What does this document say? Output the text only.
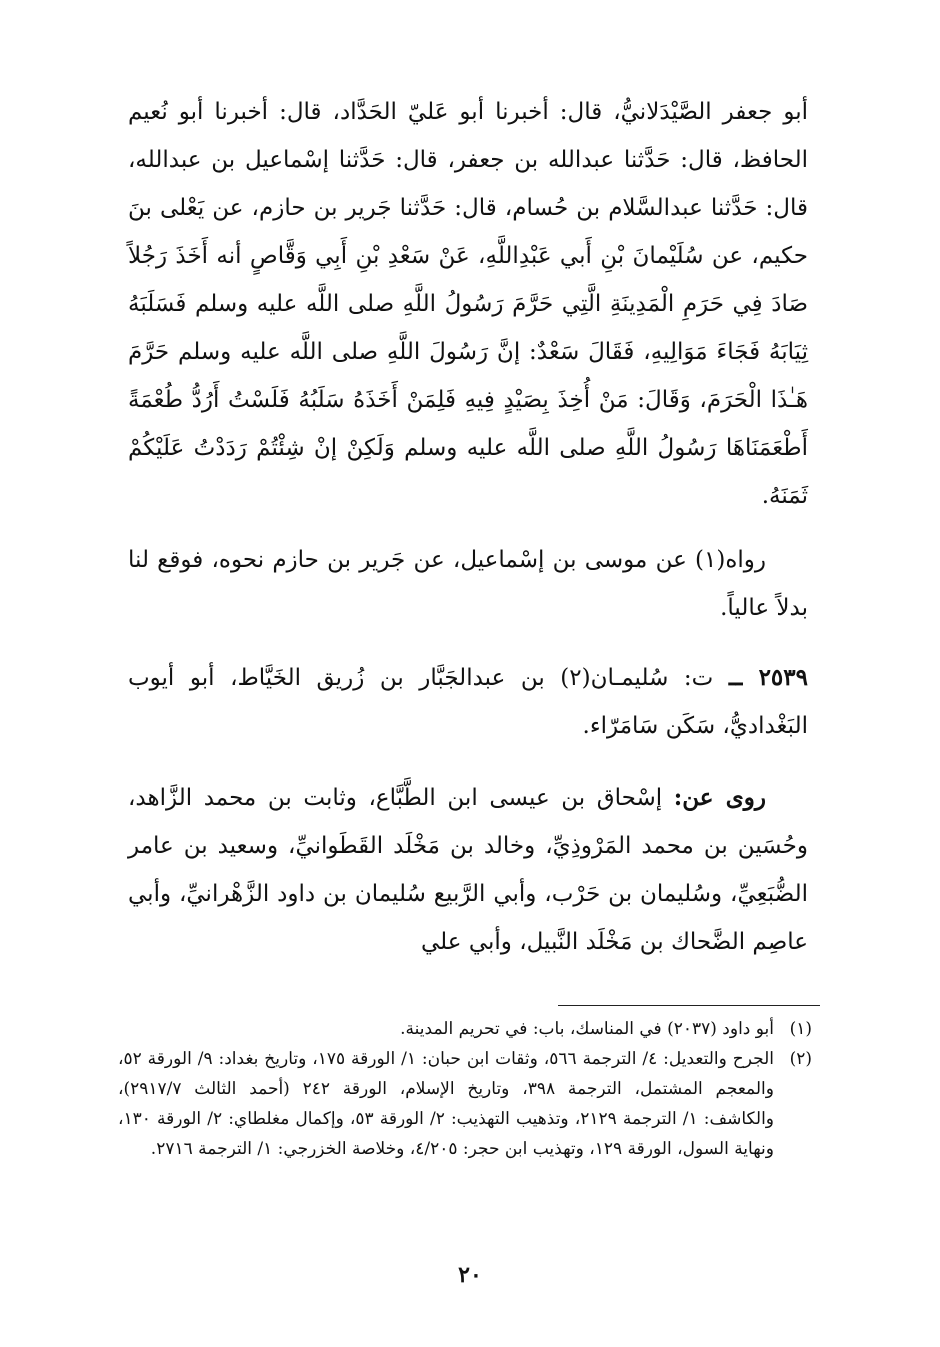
أبو جعفر الصَّيْدَلانيُّ، قال: أخبرنا أبو عَليّ الحَدَّاد، قال: أخبرنا أبو نُعيم الحافظ، قال: حَدَّثنا عبدالله بن جعفر، قال: حَدَّثنا إسْماعيل بن عبدالله، قال: حَدَّثنا عبدالسَّلام بن حُسام، قال: حَدَّثنا جَرير بن حازم، عن يَعْلى بنَ حكيم، عن سُلَيْمانَ بْنِ أَبي عَبْدِاللَّهِ، عَنْ سَعْدِ بْنِ أَبِي وَقَّاصٍ أنه أَخَذَ رَجُلاً صَادَ فِي حَرَمِ الْمَدِينَةِ الَّتِي حَرَّمَ رَسُولُ اللَّهِ صلى اللَّه عليه وسلم فَسَلَبَهُ ثِيَابَهُ فَجَاءَ مَوَالِيهِ، فَقَالَ سَعْدٌ: إنَّ رَسُولَ اللَّهِ صلى اللَّه عليه وسلم حَرَّمَ هَـٰذَا الْحَرَمَ، وَقَالَ: مَنْ أُخِذَ بِصَيْدٍ فِيهِ فَلِمَنْ أَخَذَهُ سَلَبُهُ فَلَسْتُ أَرُدُّ طُعْمَةً أَطْعَمَنَاهَا رَسُولُ اللَّهِ صلى اللَّه عليه وسلم وَلَكِنْ إنْ شِئْتُمْ رَدَدْتُ عَلَيْكُمْ ثَمَنَهُ.

رواه(١) عن موسى بن إسْماعيل، عن جَرير بن حازم نحوه، فوقع لنا بدلاً عالياً.

٢٥٣٩ ــ ت: سُليمـان(٢) بن عبدالجَبَّار بن زُريق الخَيَّاط، أبو أيوب البَغْداديُّ، سَكَن سَامَرّاء.

روى عن: إسْحاق بن عيسى ابن الطَّبَّاع، وثابت بن محمد الزَّاهد، وحُسَين بن محمد المَرْوذِيِّ، وخالد بن مَخْلَد القَطَوانيِّ، وسعيد بن عامر الضُّبَعِيِّ، وسُليمان بن حَرْب، وأبي الرَّبيع سُليمان بن داود الزَّهْرانيِّ، وأبي عاصِم الضَّحاك بن مَخْلَد النَّبيل، وأبي علي

(١)
أبو داود (٢٠٣٧) في المناسك، باب: في تحريم المدينة.

(٢)
الجرح والتعديل: ٤/ الترجمة ٥٦٦، وثقات ابن حبان: ١/ الورقة ١٧٥، وتاريخ بغداد: ٩/ الورقة ٥٢، والمعجم المشتمل، الترجمة ٣٩٨، وتاريخ الإسلام، الورقة ٢٤٢ (أحمد الثالث ٢٩١٧/٧)، والكاشف: ١/ الترجمة ٢١٢٩، وتذهيب التهذيب: ٢/ الورقة ٥٣، وإكمال مغلطاي: ٢/ الورقة ١٣٠، ونهاية السول، الورقة ١٢٩، وتهذيب ابن حجر: ٤/٢٠٥، وخلاصة الخزرجي: ١/ الترجمة ٢٧١٦.

٢٠
